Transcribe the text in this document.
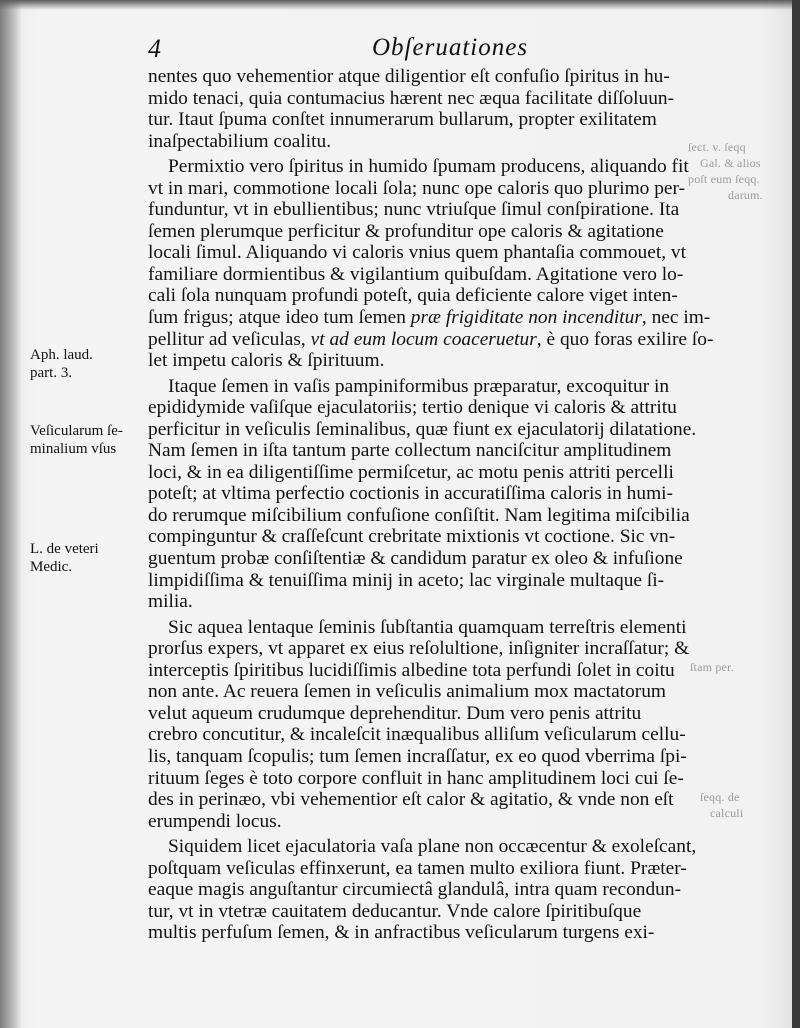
ſect. v. ſeqq
Gal. & alios
poſt eum ſeqq.
darum.
ſtam per.
ſeqq. de
calculi
4	Obſeruationes
Aph. laud.
part. 3.
Veſicularum ſe-
minalium vſus
L. de veteri
Medic.
nentes quo vehementior atque diligentior eſt confuſio ſpiritus in hu-
mido tenaci, quia contumacius hærent nec æqua facilitate diſſoluun-
tur. Itaut ſpuma conſtet innumerarum bullarum, propter exilitatem
inaſpectabilium coalitu.
Permixtio vero ſpiritus in humido ſpumam producens, aliquando fit
vt in mari, commotione locali ſola; nunc ope caloris quo plurimo per-
funduntur, vt in ebullientibus; nunc vtriuſque ſimul conſpiratione. Ita
ſemen plerumque perficitur & profunditur ope caloris & agitatione
locali ſimul. Aliquando vi caloris vnius quem phantaſia commouet, vt
familiare dormientibus & vigilantium quibuſdam. Agitatione vero lo-
cali ſola nunquam profundi poteſt, quia deficiente calore viget inten-
ſum frigus; atque ideo tum ſemen præ frigiditate non incenditur, nec im-
pellitur ad veſiculas, vt ad eum locum coaceruetur, è quo foras exilire ſo-
let impetu caloris & ſpirituum.
Itaque ſemen in vaſis pampiniformibus præparatur, excoquitur in
epididymide vaſiſque ejaculatoriis; tertio denique vi caloris & attritu
perficitur in veſiculis ſeminalibus, quæ fiunt ex ejaculatorij dilatatione.
Nam ſemen in iſta tantum parte collectum nanciſcitur amplitudinem
loci, & in ea diligentiſſime permiſcetur, ac motu penis attriti percelli
poteſt; at vltima perfectio coctionis in accuratiſſima caloris in humi-
do rerumque miſcibilium confuſione conſiſtit. Nam legitima miſcibilia
compinguntur & craſſeſcunt crebritate mixtionis vt coctione. Sic vn-
guentum probæ conſiſtentiæ & candidum paratur ex oleo & infuſione
limpidiſſima & tenuiſſima minij in aceto; lac virginale multaque ſi-
milia.
Sic aquea lentaque ſeminis ſubſtantia quamquam terreſtris elementi
prorſus expers, vt apparet ex eius reſolultione, inſigniter incraſſatur; &
interceptis ſpiritibus lucidiſſimis albedine tota perfundi ſolet in coitu
non ante. Ac reuera ſemen in veſiculis animalium mox mactatorum
velut aqueum crudumque deprehenditur. Dum vero penis attritu
crebro concutitur, & incaleſcit inæqualibus alliſum veſicularum cellu-
lis, tanquam ſcopulis; tum ſemen incraſſatur, ex eo quod vberrima ſpi-
rituum ſeges è toto corpore confluit in hanc amplitudinem loci cui ſe-
des in perinæo, vbi vehementior eſt calor & agitatio, & vnde non eſt
erumpendi locus.
Siquidem licet ejaculatoria vaſa plane non occæcentur & exoleſcant,
poſtquam veſiculas effinxerunt, ea tamen multo exiliora fiunt. Præter-
eaque magis anguſtantur circumiectâ glandulâ, intra quam recondun-
tur, vt in vtetræ cauitatem deducantur. Vnde calore ſpiritibuſque
multis perfuſum ſemen, & in anfractibus veſicularum turgens exi-
